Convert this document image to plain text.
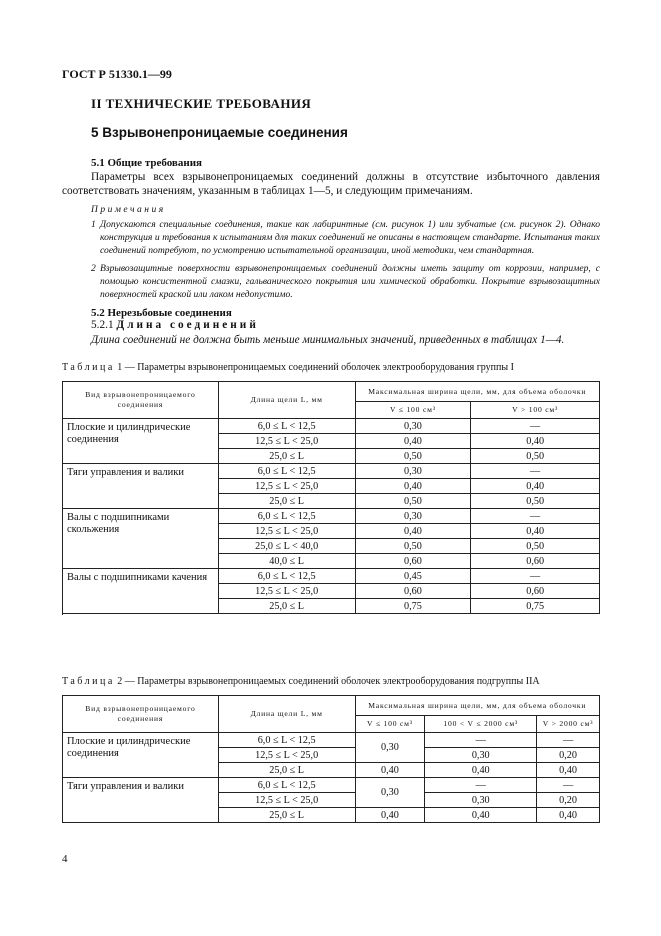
ГОСТ Р 51330.1—99
II ТЕХНИЧЕСКИЕ ТРЕБОВАНИЯ
5 Взрывонепроницаемые соединения
5.1 Общие требования
Параметры всех взрывонепроницаемых соединений должны в отсутствие избыточного давления соответствовать значениям, указанным в таблицах 1—5, и следующим примечаниям.
Примечания
1 Допускаются специальные соединения, такие как лабиринтные (см. рисунок 1) или зубчатые (см. рисунок 2). Однако конструкция и требования к испытаниям для таких соединений не описаны в настоящем стандарте. Испытания таких соединений потребуют, по усмотрению испытательной организации, иной методики, чем стандартная.
2 Взрывозащитные поверхности взрывонепроницаемых соединений должны иметь защиту от коррозии, например, с помощью консистентной смазки, гальванического покрытия или химической обработки. Покрытие взрывозащитных поверхностей краской или лаком недопустимо.
5.2 Нерезьбовые соединения
5.2.1 Длина соединений
Длина соединений не должна быть меньше минимальных значений, приведенных в таблицах 1—4.
Таблица 1 — Параметры взрывонепроницаемых соединений оболочек электрооборудования группы I
Вид взрывонепроницаемого соединения	Длина щели L, мм	Максимальная ширина щели, мм, для объема оболочки	
		V ≤ 100 см³	V > 100 см³
Плоские и цилиндрические соединения	6,0 ≤ L < 12,5	0,30	—
	12,5 ≤ L < 25,0	0,40	0,40
	25,0 ≤ L	0,50	0,50

Тяги управления и валики	6,0 ≤ L < 12,5	0,30	—
	12,5 ≤ L < 25,0	0,40	0,40
	25,0 ≤ L	0,50	0,50

Валы с подшипниками скольжения	6,0 ≤ L < 12,5	0,30	—
	12,5 ≤ L < 25,0	0,40	0,40
	25,0 ≤ L < 40,0	0,50	0,50
	40,0 ≤ L	0,60	0,60

Валы с подшипниками качения	6,0 ≤ L < 12,5	0,45	—
	12,5 ≤ L < 25,0	0,60	0,60
	25,0 ≤ L	0,75	0,75

Таблица 2 — Параметры взрывонепроницаемых соединений оболочек электрооборудования подгруппы IIA
Вид взрывонепроницаемого соединения	Длина щели L, мм	Максимальная ширина щели, мм, для объема оболочки		
		V ≤ 100 см³	100 < V ≤ 2000 см³	V > 2000 см³
Плоские и цилиндрические соединения	6,0 ≤ L < 12,5	0,30	—	—
	12,5 ≤ L < 25,0		0,30	0,20
	25,0 ≤ L	0,40	0,40	0,40
Тяги управления и валики	6,0 ≤ L < 12,5	0,30	—	—
	12,5 ≤ L < 25,0		0,30	0,20
	25,0 ≤ L	0,40	0,40	0,40
4
